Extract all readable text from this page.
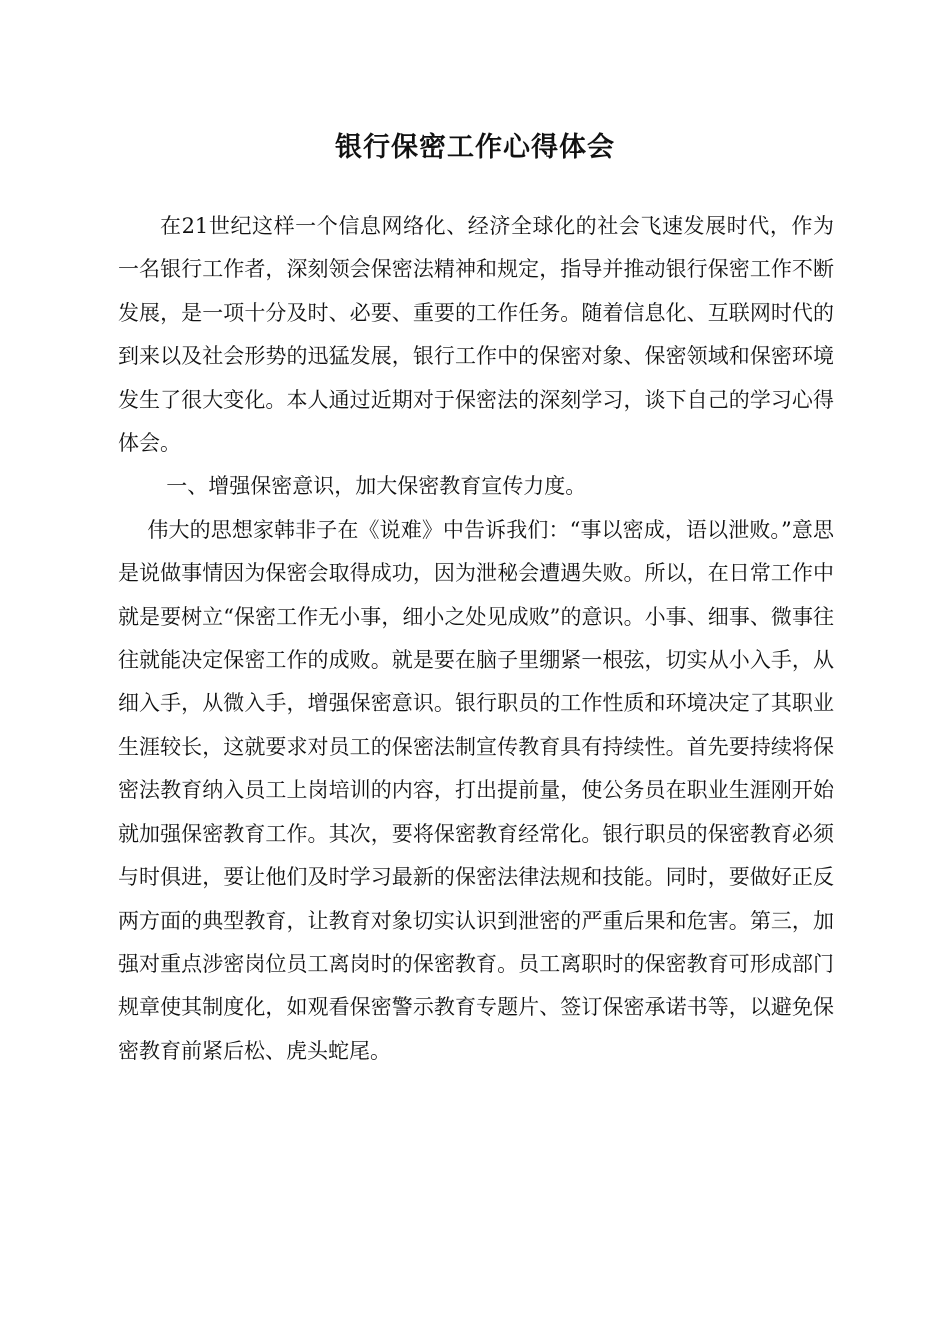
银行保密工作心得体会

在21世纪这样一个信息网络化、经济全球化的社会飞速发展时代，作为一名银行工作者，深刻领会保密法精神和规定，指导并推动银行保密工作不断发展，是一项十分及时、必要、重要的工作任务。随着信息化、互联网时代的到来以及社会形势的迅猛发展，银行工作中的保密对象、保密领域和保密环境发生了很大变化。本人通过近期对于保密法的深刻学习，谈下自己的学习心得体会。

一、增强保密意识，加大保密教育宣传力度。

伟大的思想家韩非子在《说难》中告诉我们：“事以密成，语以泄败。”意思是说做事情因为保密会取得成功，因为泄秘会遭遇失败。所以，在日常工作中就是要树立“保密工作无小事，细小之处见成败”的意识。小事、细事、微事往往就能决定保密工作的成败。就是要在脑子里绷紧一根弦，切实从小入手，从细入手，从微入手，增强保密意识。银行职员的工作性质和环境决定了其职业生涯较长，这就要求对员工的保密法制宣传教育具有持续性。首先要持续将保密法教育纳入员工上岗培训的内容，打出提前量，使公务员在职业生涯刚开始就加强保密教育工作。其次，要将保密教育经常化。银行职员的保密教育必须与时俱进，要让他们及时学习最新的保密法律法规和技能。同时，要做好正反两方面的典型教育，让教育对象切实认识到泄密的严重后果和危害。第三，加强对重点涉密岗位员工离岗时的保密教育。员工离职时的保密教育可形成部门规章使其制度化，如观看保密警示教育专题片、签订保密承诺书等，以避免保密教育前紧后松、虎头蛇尾。
